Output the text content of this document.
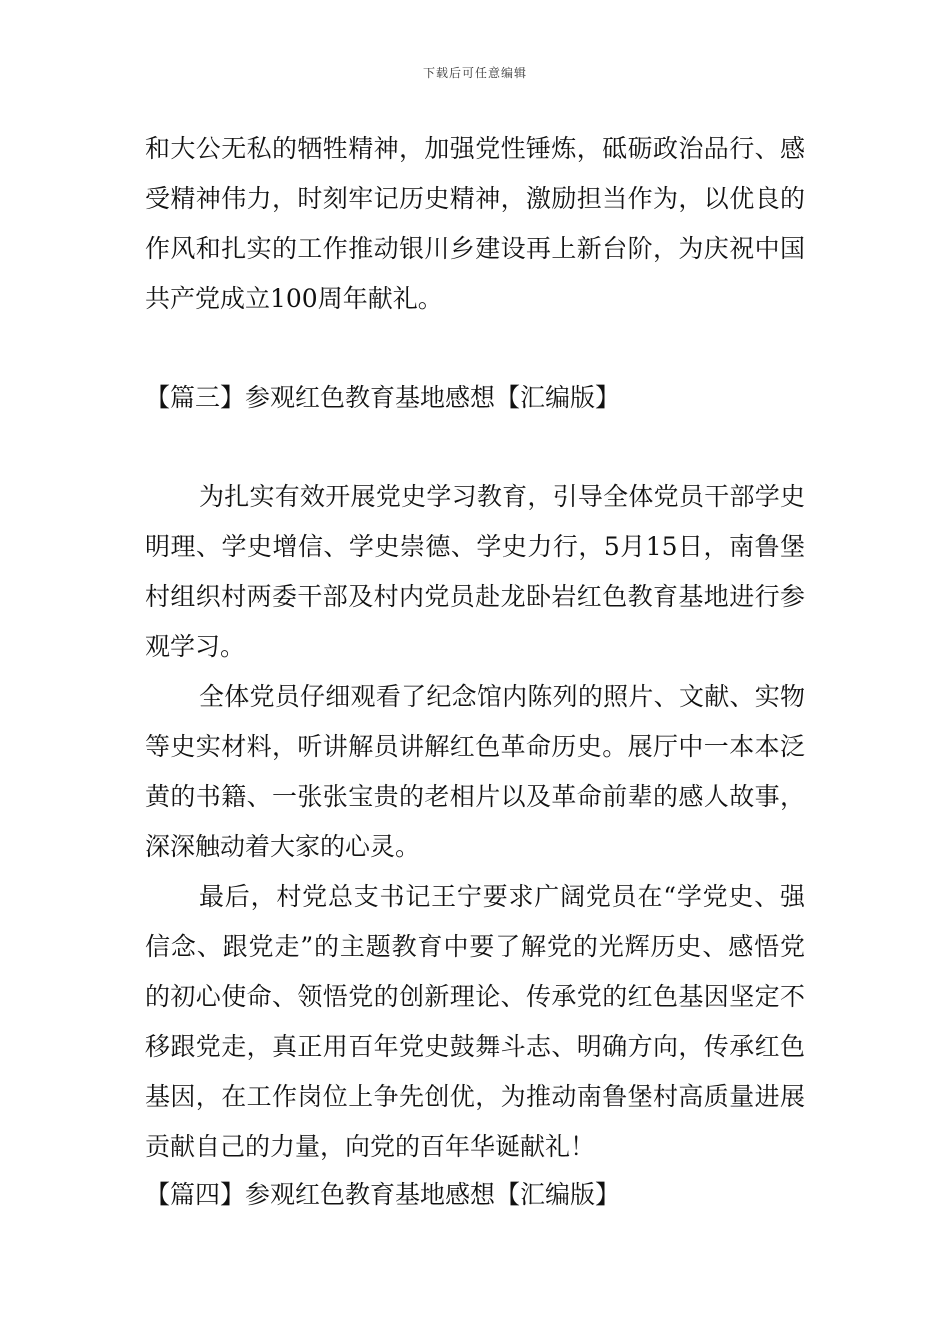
下载后可任意编辑

和大公无私的牺牲精神，加强党性锤炼，砥砺政治品行、感受精神伟力，时刻牢记历史精神，激励担当作为，以优良的作风和扎实的工作推动银川乡建设再上新台阶，为庆祝中国共产党成立100周年献礼。

【篇三】参观红色教育基地感想【汇编版】

为扎实有效开展党史学习教育，引导全体党员干部学史明理、学史增信、学史崇德、学史力行，5月15日，南鲁堡村组织村两委干部及村内党员赴龙卧岩红色教育基地进行参观学习。

全体党员仔细观看了纪念馆内陈列的照片、文献、实物等史实材料，听讲解员讲解红色革命历史。展厅中一本本泛黄的书籍、一张张宝贵的老相片以及革命前辈的感人故事，深深触动着大家的心灵。

最后，村党总支书记王宁要求广阔党员在“学党史、强信念、跟党走”的主题教育中要了解党的光辉历史、感悟党的初心使命、领悟党的创新理论、传承党的红色基因坚定不移跟党走，真正用百年党史鼓舞斗志、明确方向，传承红色基因，在工作岗位上争先创优，为推动南鲁堡村高质量进展贡献自己的力量，向党的百年华诞献礼！

【篇四】参观红色教育基地感想【汇编版】
